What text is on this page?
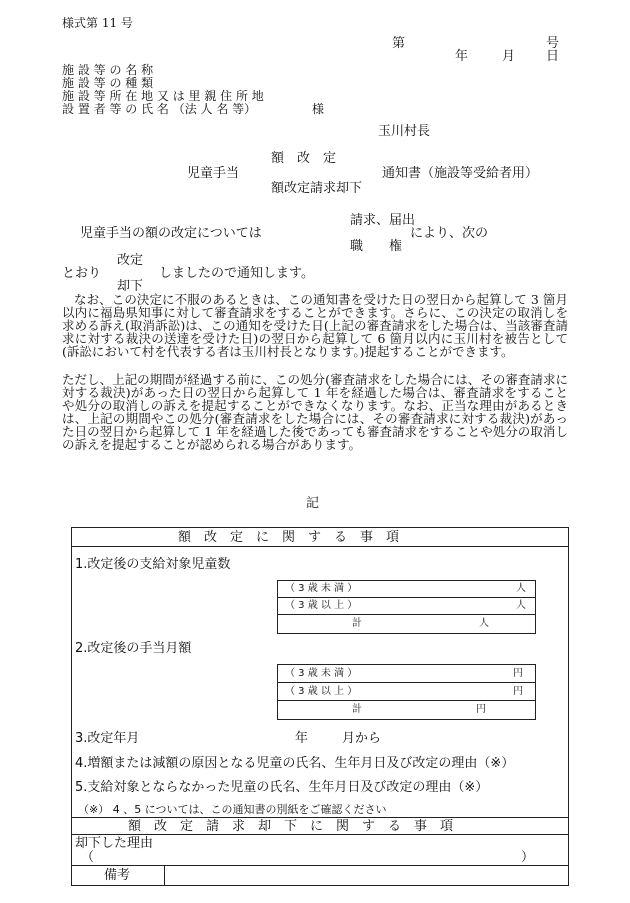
様式第 11 号
第	号
年	月 日
施 設 等 の 名 称
施 設 等 の 種 類
施 設 等 所 在 地 又 は 里 親 住 所 地
設 置 者 等 の 氏 名 （法 人 名 等）	様
玉川村長
額　改　定
児童手当	通知書（施設等受給者用）
額改定請求却下
請求、届出
児童手当の額の改定については	により、次の
職　　権
改定
とおり	しましたので通知します。
却下
なお、この決定に不服のあるときは、この通知書を受けた日の翌日から起算して 3 箇月以内に福島県知事に対して審査請求をすることができます。さらに、この決定の取消しを求める訴え(取消訴訟)は、この通知を受けた日(上記の審査請求をした場合は、当該審査請求に対する裁決の送達を受けた日)の翌日から起算して 6 箇月以内に玉川村を被告として(訴訟において村を代表する者は玉川村長となります。)提起することができます。
ただし、上記の期間が経過する前に、この処分(審査請求をした場合には、その審査請求に対する裁決)があった日の翌日から起算して 1 年を経過した場合は、審査請求をすることや処分の取消しの訴えを提起することができなくなります。なお、正当な理由があるときは、上記の期間やこの処分(審査請求をした場合には、その審査請求に対する裁決)があった日の翌日から起算して 1 年を経過した後であっても審査請求をすることや処分の取消しの訴えを提起することが認められる場合があります。
記
額　改　定　に　関　す　る　事　項
1.改定後の支給対象児童数
（ 3 歳 未 満 ）	人
（ 3 歳 以 上 ）	人
計	人
2.改定後の手当月額
（ 3 歳 未 満 ）	円
（ 3 歳 以 上 ）	円
計	円
3.改定年月	年	月から
4.増額または減額の原因となる児童の氏名、生年月日及び改定の理由（※）
5.支給対象とならなかった児童の氏名、生年月日及び改定の理由（※）
（※） 4 、5 については、この通知書の別紙をご確認ください
額　改　定　請　求　却　下　に　関　す　る　事　項
却下した理由
（	）
備考
